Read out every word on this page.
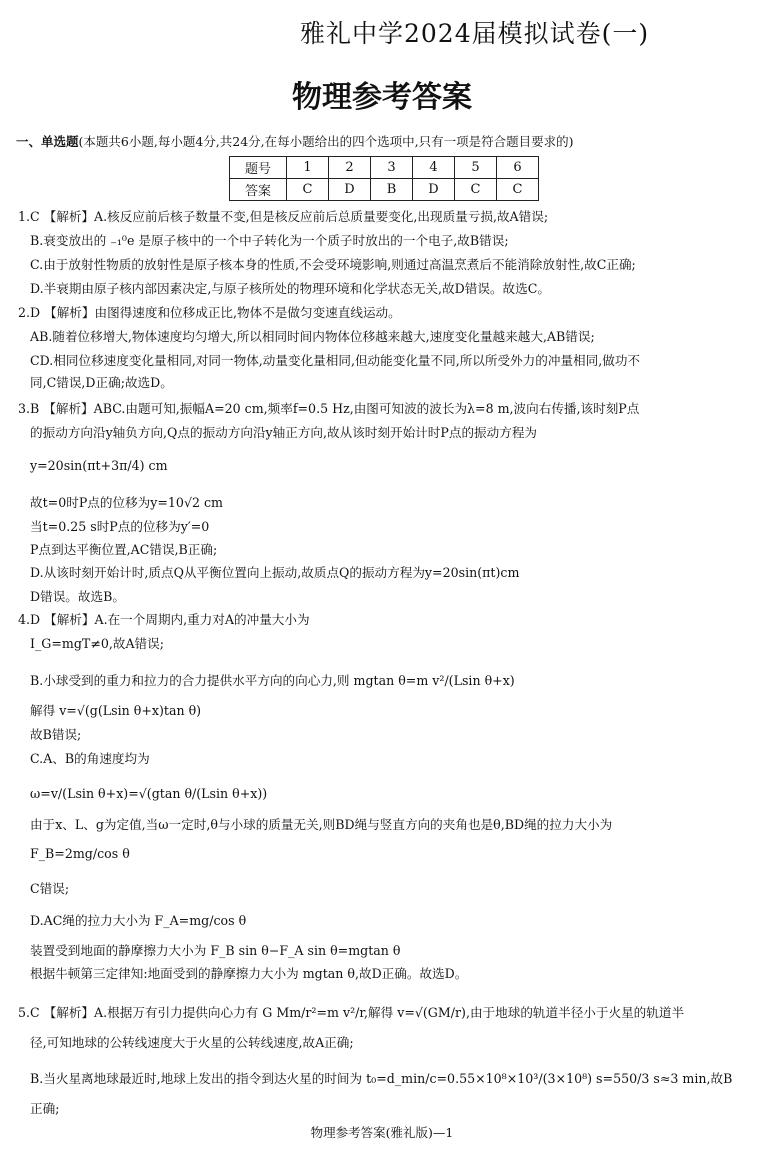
雅礼中学2024届模拟试卷(一)
物理参考答案
一、单选题(本题共6小题,每小题4分,共24分,在每小题给出的四个选项中,只有一项是符合题目要求的)
题号	1	2	3	4	5	6
答案	C	D	B	D	C	C
1.C 【解析】A.核反应前后核子数量不变,但是核反应前后总质量要变化,出现质量亏损,故A错误;
B.衰变放出的 ₋₁⁰e 是原子核中的一个中子转化为一个质子时放出的一个电子,故B错误;
C.由于放射性物质的放射性是原子核本身的性质,不会受环境影响,则通过高温烹煮后不能消除放射性,故C正确;
D.半衰期由原子核内部因素决定,与原子核所处的物理环境和化学状态无关,故D错误。故选C。
2.D 【解析】由图得速度和位移成正比,物体不是做匀变速直线运动。
AB.随着位移增大,物体速度均匀增大,所以相同时间内物体位移越来越大,速度变化量越来越大,AB错误;
CD.相同位移速度变化量相同,对同一物体,动量变化量相同,但动能变化量不同,所以所受外力的冲量相同,做功不
同,C错误,D正确;故选D。
3.B 【解析】ABC.由题可知,振幅A=20 cm,频率f=0.5 Hz,由图可知波的波长为λ=8 m,波向右传播,该时刻P点
的振动方向沿y轴负方向,Q点的振动方向沿y轴正方向,故从该时刻开始计时P点的振动方程为
y=20sin(πt+3π/4) cm
故t=0时P点的位移为y=10√2 cm
当t=0.25 s时P点的位移为y′=0
P点到达平衡位置,AC错误,B正确;
D.从该时刻开始计时,质点Q从平衡位置向上振动,故质点Q的振动方程为y=20sin(πt)cm
D错误。故选B。
4.D 【解析】A.在一个周期内,重力对A的冲量大小为
I_G=mgT≠0,故A错误;
B.小球受到的重力和拉力的合力提供水平方向的向心力,则 mgtan θ=m v²/(Lsin θ+x)
解得 v=√(g(Lsin θ+x)tan θ)
故B错误;
C.A、B的角速度均为
ω=v/(Lsin θ+x)=√(gtan θ/(Lsin θ+x))
由于x、L、g为定值,当ω一定时,θ与小球的质量无关,则BD绳与竖直方向的夹角也是θ,BD绳的拉力大小为
F_B=2mg/cos θ
C错误;
D.AC绳的拉力大小为 F_A=mg/cos θ
装置受到地面的静摩擦力大小为 F_B sin θ−F_A sin θ=mgtan θ
根据牛顿第三定律知:地面受到的静摩擦力大小为 mgtan θ,故D正确。故选D。
5.C 【解析】A.根据万有引力提供向心力有 G Mm/r²=m v²/r,解得 v=√(GM/r),由于地球的轨道半径小于火星的轨道半
径,可知地球的公转线速度大于火星的公转线速度,故A正确;
B.当火星离地球最近时,地球上发出的指令到达火星的时间为 t₀=d_min/c=0.55×10⁸×10³/(3×10⁸) s=550/3 s≈3 min,故B
正确;
物理参考答案(雅礼版)—1
